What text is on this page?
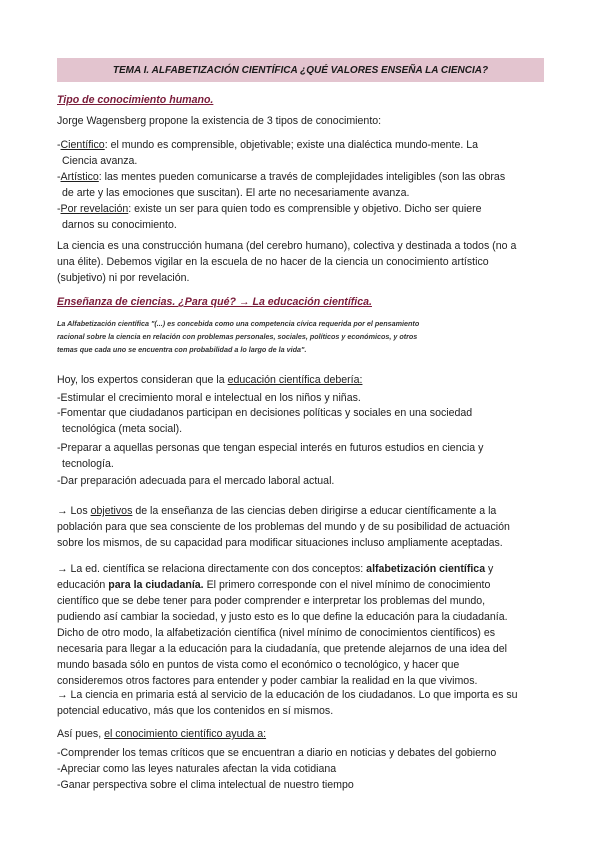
TEMA I. ALFABETIZACIÓN CIENTÍFICA ¿QUÉ VALORES ENSEÑA LA CIENCIA?
Tipo de conocimiento humano.
Jorge Wagensberg propone la existencia de 3 tipos de conocimiento:
-Científico: el mundo es comprensible, objetivable; existe una dialéctica mundo-mente. La
Ciencia avanza.
-Artístico: las mentes pueden comunicarse a través de complejidades inteligibles (son las obras
de arte y las emociones que suscitan). El arte no necesariamente avanza.
-Por revelación: existe un ser para quien todo es comprensible y objetivo. Dicho ser quiere
darnos su conocimiento.
La ciencia es una construcción humana (del cerebro humano), colectiva y destinada a todos (no a
una élite). Debemos vigilar en la escuela de no hacer de la ciencia un conocimiento artístico
(subjetivo) ni por revelación.
Enseñanza de ciencias. ¿Para qué? → La educación científica.
La Alfabetización científica "(...) es concebida como una competencia cívica requerida por el pensamiento
racional sobre la ciencia en relación con problemas personales, sociales, políticos y económicos, y otros
temas que cada uno se encuentra con probabilidad a lo largo de la vida".
Hoy, los expertos consideran que la educación científica debería:
-Estimular el crecimiento moral e intelectual en los niños y niñas.
-Fomentar que ciudadanos participan en decisiones políticas y sociales en una sociedad
tecnológica (meta social).
-Preparar a aquellas personas que tengan especial interés en futuros estudios en ciencia y
tecnología.
-Dar preparación adecuada para el mercado laboral actual.
→ Los objetivos de la enseñanza de las ciencias deben dirigirse a educar científicamente a la
población para que sea consciente de los problemas del mundo y de su posibilidad de actuación
sobre los mismos, de su capacidad para modificar situaciones incluso ampliamente aceptadas.
→ La ed. científica se relaciona directamente con dos conceptos: alfabetización científica y
educación para la ciudadanía. El primero corresponde con el nivel mínimo de conocimiento
científico que se debe tener para poder comprender e interpretar los problemas del mundo,
pudiendo así cambiar la sociedad, y justo esto es lo que define la educación para la ciudadanía.
Dicho de otro modo, la alfabetización científica (nivel mínimo de conocimientos científicos) es
necesaria para llegar a la educación para la ciudadanía, que pretende alejarnos de una idea del
mundo basada sólo en puntos de vista como el económico o tecnológico, y hacer que
consideremos otros factores para entender y poder cambiar la realidad en la que vivimos.
→ La ciencia en primaria está al servicio de la educación de los ciudadanos. Lo que importa es su
potencial educativo, más que los contenidos en sí mismos.
Así pues, el conocimiento científico ayuda a:
-Comprender los temas críticos que se encuentran a diario en noticias y debates del gobierno
-Apreciar como las leyes naturales afectan la vida cotidiana
-Ganar perspectiva sobre el clima intelectual de nuestro tiempo
